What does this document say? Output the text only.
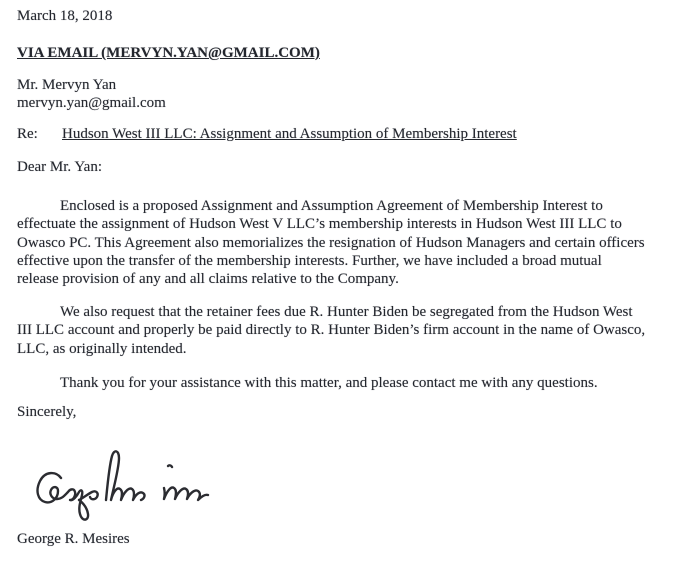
March 18, 2018
VIA EMAIL (MERVYN.YAN@GMAIL.COM)
Mr. Mervyn Yan
mervyn.yan@gmail.com
Re: Hudson West III LLC: Assignment and Assumption of Membership Interest
Dear Mr. Yan:
Enclosed is a proposed Assignment and Assumption Agreement of Membership Interest to
effectuate the assignment of Hudson West V LLC’s membership interests in Hudson West III LLC to
Owasco PC. This Agreement also memorializes the resignation of Hudson Managers and certain officers
effective upon the transfer of the membership interests. Further, we have included a broad mutual
release provision of any and all claims relative to the Company.
We also request that the retainer fees due R. Hunter Biden be segregated from the Hudson West
III LLC account and properly be paid directly to R. Hunter Biden’s firm account in the name of Owasco,
LLC, as originally intended.
Thank you for your assistance with this matter, and please contact me with any questions.
Sincerely,
George R. Mesires
